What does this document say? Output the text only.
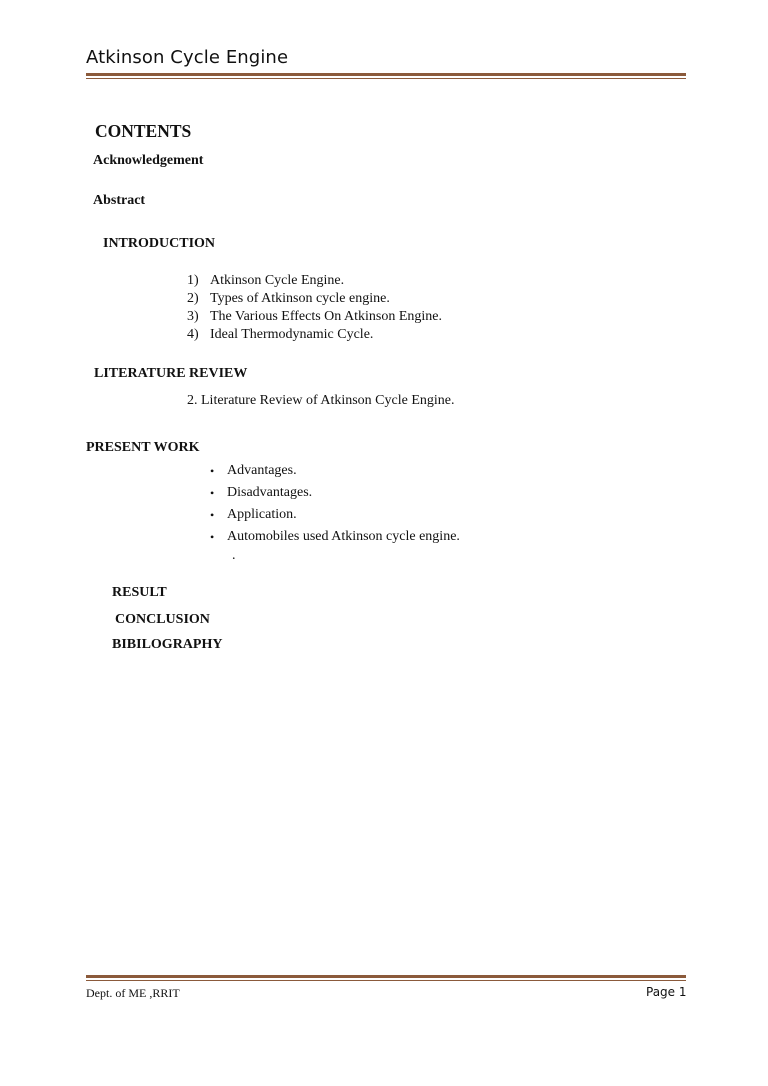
Atkinson Cycle Engine
CONTENTS
Acknowledgement
Abstract
INTRODUCTION
1) Atkinson Cycle Engine.
2) Types of Atkinson cycle engine.
3) The Various Effects On Atkinson Engine.
4) Ideal Thermodynamic Cycle.
LITERATURE REVIEW
2. Literature Review of Atkinson Cycle Engine.
PRESENT WORK
• Advantages.
• Disadvantages.
• Application.
• Automobiles used Atkinson cycle engine.
.
RESULT
CONCLUSION
BIBILOGRAPHY
Dept. of ME ,RRIT	Page 1
